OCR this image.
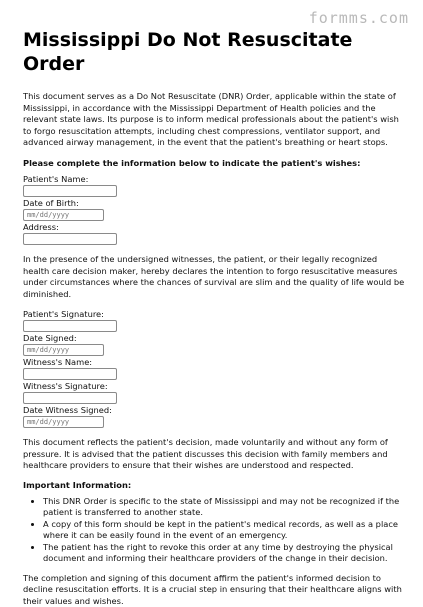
formms.com
Mississippi Do Not Resuscitate Order

This document serves as a Do Not Resuscitate (DNR) Order, applicable within the state of Mississippi, in accordance with the Mississippi Department of Health policies and the relevant state laws. Its purpose is to inform medical professionals about the patient's wish to forgo resuscitation attempts, including chest compressions, ventilator support, and advanced airway management, in the event that the patient's breathing or heart stops.

Please complete the information below to indicate the patient's wishes:

Patient's Name:
Date of Birth:
mm/dd/yyyy
Address:

In the presence of the undersigned witnesses, the patient, or their legally recognized health care decision maker, hereby declares the intention to forgo resuscitative measures under circumstances where the chances of survival are slim and the quality of life would be diminished.

Patient's Signature:
Date Signed:
mm/dd/yyyy
Witness's Name:
Witness's Signature:
Date Witness Signed:
mm/dd/yyyy

This document reflects the patient's decision, made voluntarily and without any form of pressure. It is advised that the patient discusses this decision with family members and healthcare providers to ensure that their wishes are understood and respected.

Important Information:

• This DNR Order is specific to the state of Mississippi and may not be recognized if the patient is transferred to another state.
• A copy of this form should be kept in the patient's medical records, as well as a place where it can be easily found in the event of an emergency.
• The patient has the right to revoke this order at any time by destroying the physical document and informing their healthcare providers of the change in their decision.

The completion and signing of this document affirm the patient's informed decision to decline resuscitation efforts. It is a crucial step in ensuring that their healthcare aligns with their values and wishes.
